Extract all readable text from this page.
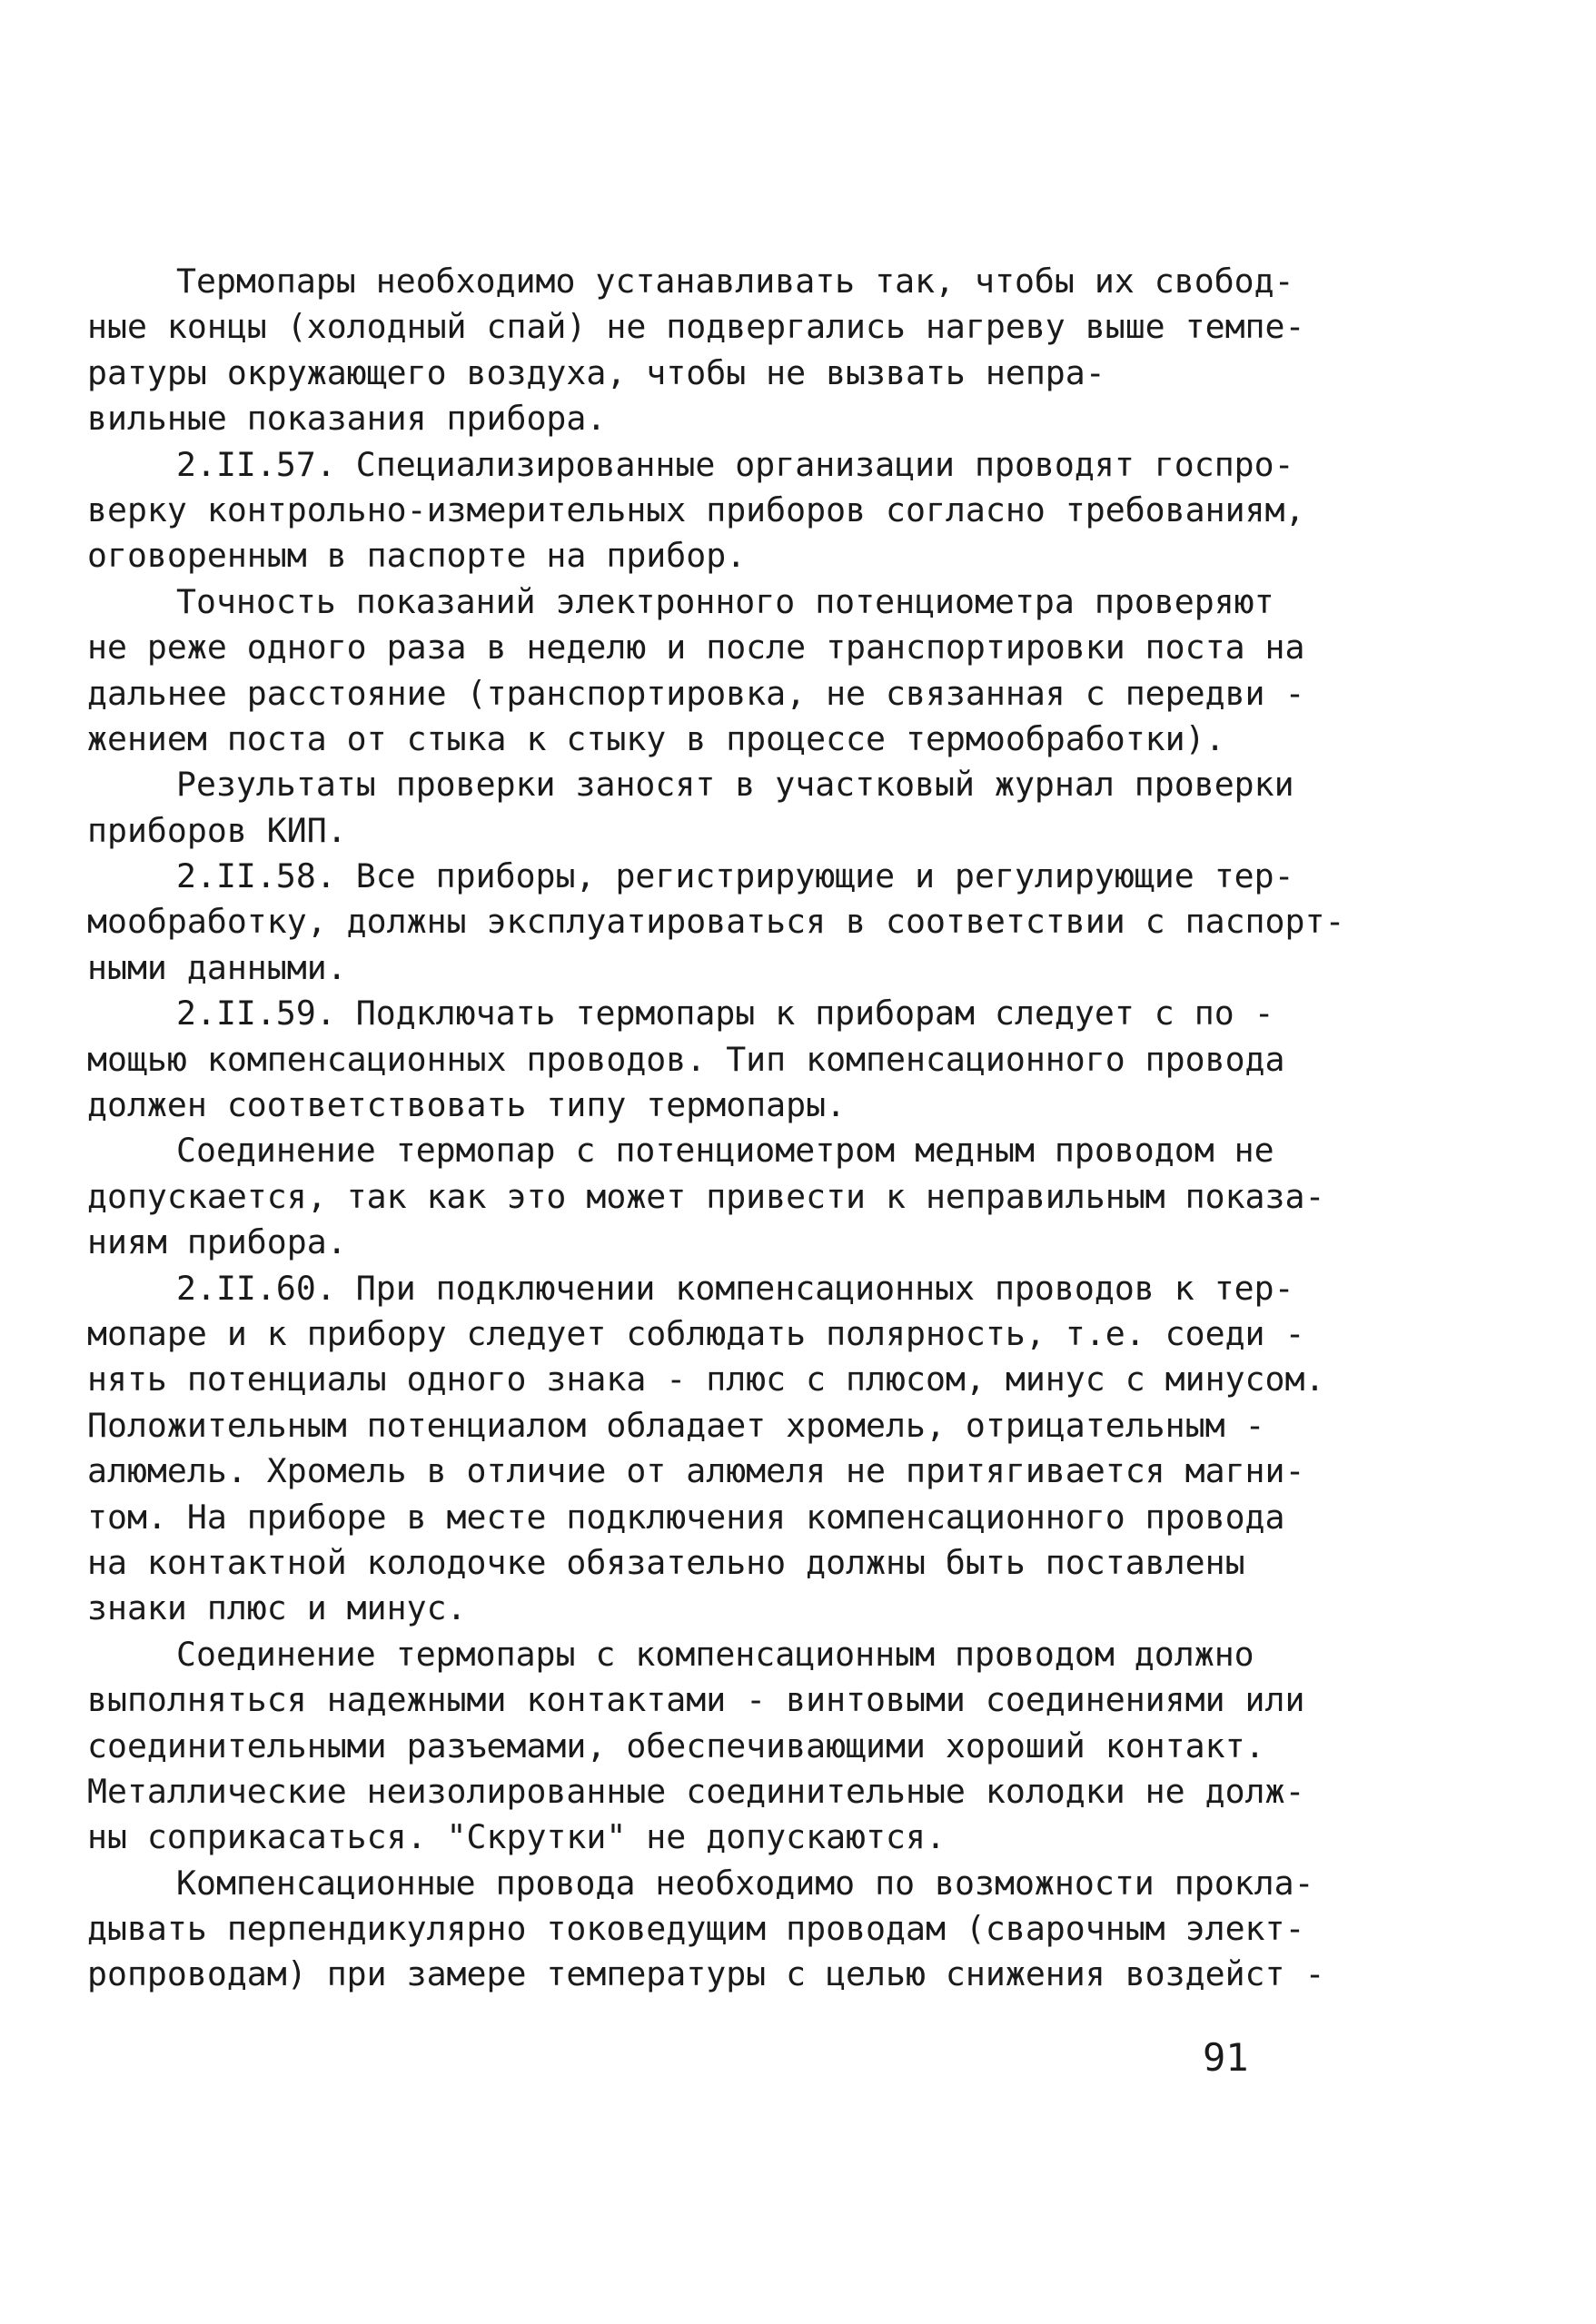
Термопары необходимо устанавливать так, чтобы их свобод-
ные концы (холодный спай) не подвергались нагреву выше темпе-
ратуры окружающего воздуха, чтобы не вызвать непра-
вильные показания прибора.
2.II.57. Специализированные организации проводят госпро-
верку контрольно-измерительных приборов согласно требованиям,
оговоренным в паспорте на прибор.
Точность показаний электронного потенциометра проверяют
не реже одного раза в неделю и после транспортировки поста на
дальнее расстояние (транспортировка, не связанная с передви -
жением поста от стыка к стыку в процессе термообработки).
Результаты проверки заносят в участковый журнал проверки
приборов КИП.
2.II.58. Все приборы, регистрирующие и регулирующие тер-
мообработку, должны эксплуатироваться в соответствии с паспорт-
ными данными.
2.II.59. Подключать термопары к приборам следует с по -
мощью компенсационных проводов. Тип компенсационного провода
должен соответствовать типу термопары.
Соединение термопар с потенциометром медным проводом не
допускается, так как это может привести к неправильным показа-
ниям прибора.
2.II.60. При подключении компенсационных проводов к тер-
мопаре и к прибору следует соблюдать полярность, т.е. соеди -
нять потенциалы одного знака - плюс с плюсом, минус с минусом.
Положительным потенциалом обладает хромель, отрицательным -
алюмель. Хромель в отличие от алюмеля не притягивается магни-
том. На приборе в месте подключения компенсационного провода
на контактной колодочке обязательно должны быть поставлены
знаки плюс и минус.
Соединение термопары с компенсационным проводом должно
выполняться надежными контактами - винтовыми соединениями или
соединительными разъемами, обеспечивающими хороший контакт.
Металлические неизолированные соединительные колодки не долж-
ны соприкасаться. "Скрутки" не допускаются.
Компенсационные провода необходимо по возможности проклa-
дывать перпендикулярно токоведущим проводам (сварочным элект-
ропроводам) при замере температуры с целью снижения воздейст -
91
